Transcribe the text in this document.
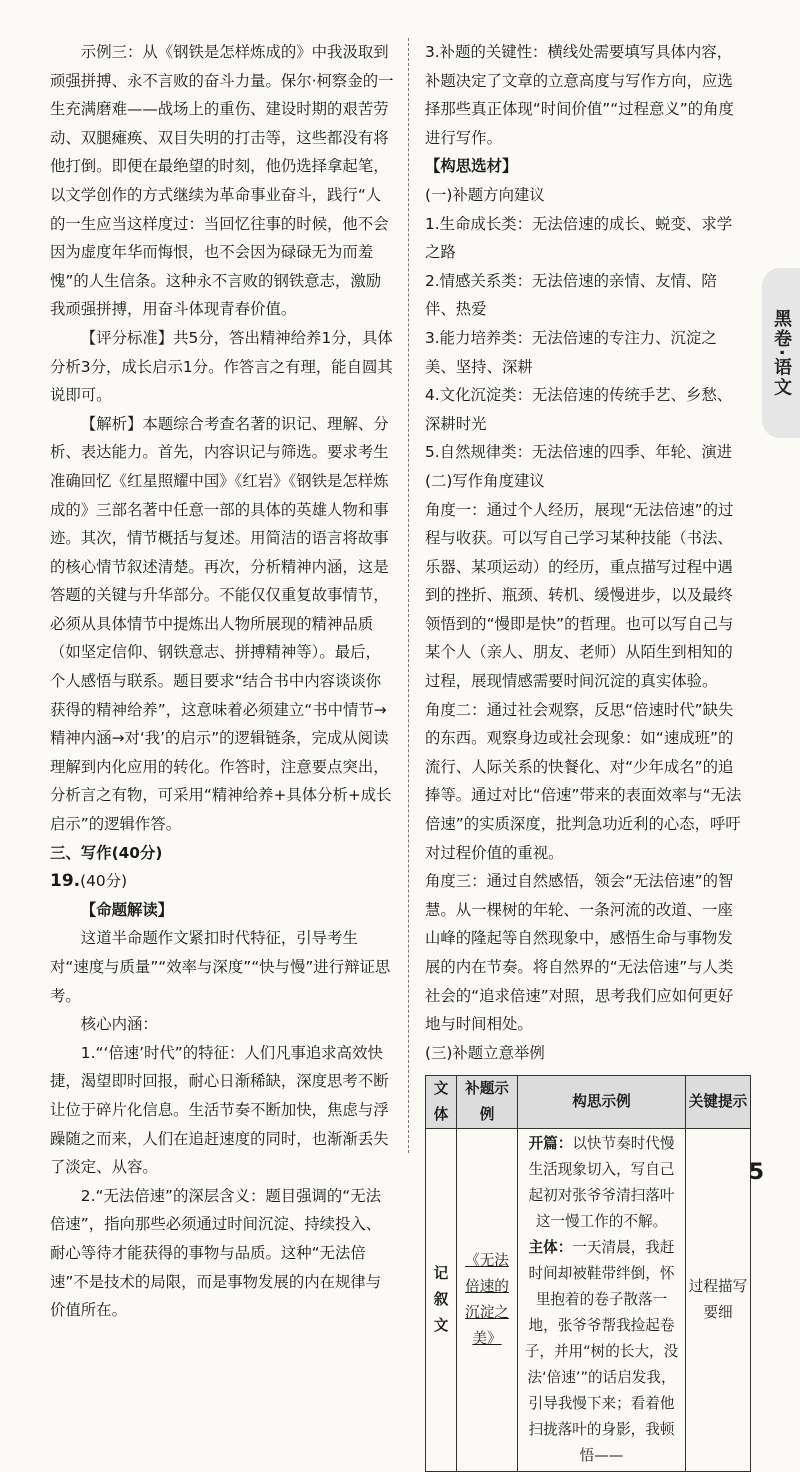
示例三：从《钢铁是怎样炼成的》中我汲取到顽强拼搏、永不言败的奋斗力量。保尔·柯察金的一生充满磨难——战场上的重伤、建设时期的艰苦劳动、双腿瘫痪、双目失明的打击等，这些都没有将他打倒。即便在最绝望的时刻，他仍选择拿起笔，以文学创作的方式继续为革命事业奋斗，践行“人的一生应当这样度过：当回忆往事的时候，他不会因为虚度年华而悔恨，也不会因为碌碌无为而羞愧”的人生信条。这种永不言败的钢铁意志，激励我顽强拼搏，用奋斗体现青春价值。

【评分标准】共5分，答出精神给养1分，具体分析3分，成长启示1分。作答言之有理，能自圆其说即可。

【解析】本题综合考查名著的识记、理解、分析、表达能力。首先，内容识记与筛选。要求考生准确回忆《红星照耀中国》《红岩》《钢铁是怎样炼成的》三部名著中任意一部的具体的英雄人物和事迹。其次，情节概括与复述。用简洁的语言将故事的核心情节叙述清楚。再次，分析精神内涵，这是答题的关键与升华部分。不能仅仅重复故事情节，必须从具体情节中提炼出人物所展现的精神品质（如坚定信仰、钢铁意志、拼搏精神等）。最后，个人感悟与联系。题目要求“结合书中内容谈谈你获得的精神给养”，这意味着必须建立“书中情节→精神内涵→对‘我’的启示”的逻辑链条，完成从阅读理解到内化应用的转化。作答时，注意要点突出，分析言之有物，可采用“精神给养+具体分析+成长启示”的逻辑作答。

三、写作(40分)

19.(40分)

【命题解读】

这道半命题作文紧扣时代特征，引导考生对“速度与质量”“效率与深度”“快与慢”进行辩证思考。

核心内涵：

1.“‘倍速’时代”的特征：人们凡事追求高效快捷，渴望即时回报，耐心日渐稀缺，深度思考不断让位于碎片化信息。生活节奏不断加快，焦虑与浮躁随之而来，人们在追赶速度的同时，也渐渐丢失了淡定、从容。

2.“无法倍速”的深层含义：题目强调的“无法倍速”，指向那些必须通过时间沉淀、持续投入、耐心等待才能获得的事物与品质。这种“无法倍速”不是技术的局限，而是事物发展的内在规律与价值所在。

3.补题的关键性：横线处需要填写具体内容，补题决定了文章的立意高度与写作方向，应选择那些真正体现“时间价值”“过程意义”的角度进行写作。

【构思选材】

(一)补题方向建议

1.生命成长类：无法倍速的成长、蜕变、求学之路

2.情感关系类：无法倍速的亲情、友情、陪伴、热爱

3.能力培养类：无法倍速的专注力、沉淀之美、坚持、深耕

4.文化沉淀类：无法倍速的传统手艺、乡愁、深耕时光

5.自然规律类：无法倍速的四季、年轮、演进

(二)写作角度建议

角度一：通过个人经历，展现“无法倍速”的过程与收获。可以写自己学习某种技能（书法、乐器、某项运动）的经历，重点描写过程中遇到的挫折、瓶颈、转机、缓慢进步，以及最终领悟到的“慢即是快”的哲理。也可以写自己与某个人（亲人、朋友、老师）从陌生到相知的过程，展现情感需要时间沉淀的真实体验。

角度二：通过社会观察，反思“倍速时代”缺失的东西。观察身边或社会现象：如“速成班”的流行、人际关系的快餐化、对“少年成名”的追捧等。通过对比“倍速”带来的表面效率与“无法倍速”的实质深度，批判急功近利的心态，呼吁对过程价值的重视。

角度三：通过自然感悟，领会“无法倍速”的智慧。从一棵树的年轮、一条河流的改道、一座山峰的隆起等自然现象中，感悟生命与事物发展的内在节奏。将自然界的“无法倍速”与人类社会的“追求倍速”对照，思考我们应如何更好地与时间相处。

(三)补题立意举例

文体	补题示例	构思示例	关键提示
记叙文	《无法倍速的沉淀之美》	开篇：以快节奏时代慢生活现象切入，写自己起初对张爷爷清扫落叶这一慢工作的不解。
主体：一天清晨，我赶时间却被鞋带绊倒，怀里抱着的卷子散落一地，张爷爷帮我捡起卷子，并用“树的长大，没法‘倍速’”的话启发我，引导我慢下来；看着他扫拢落叶的身影，我顿悟——	过程描写要细
黑卷·语文
5
